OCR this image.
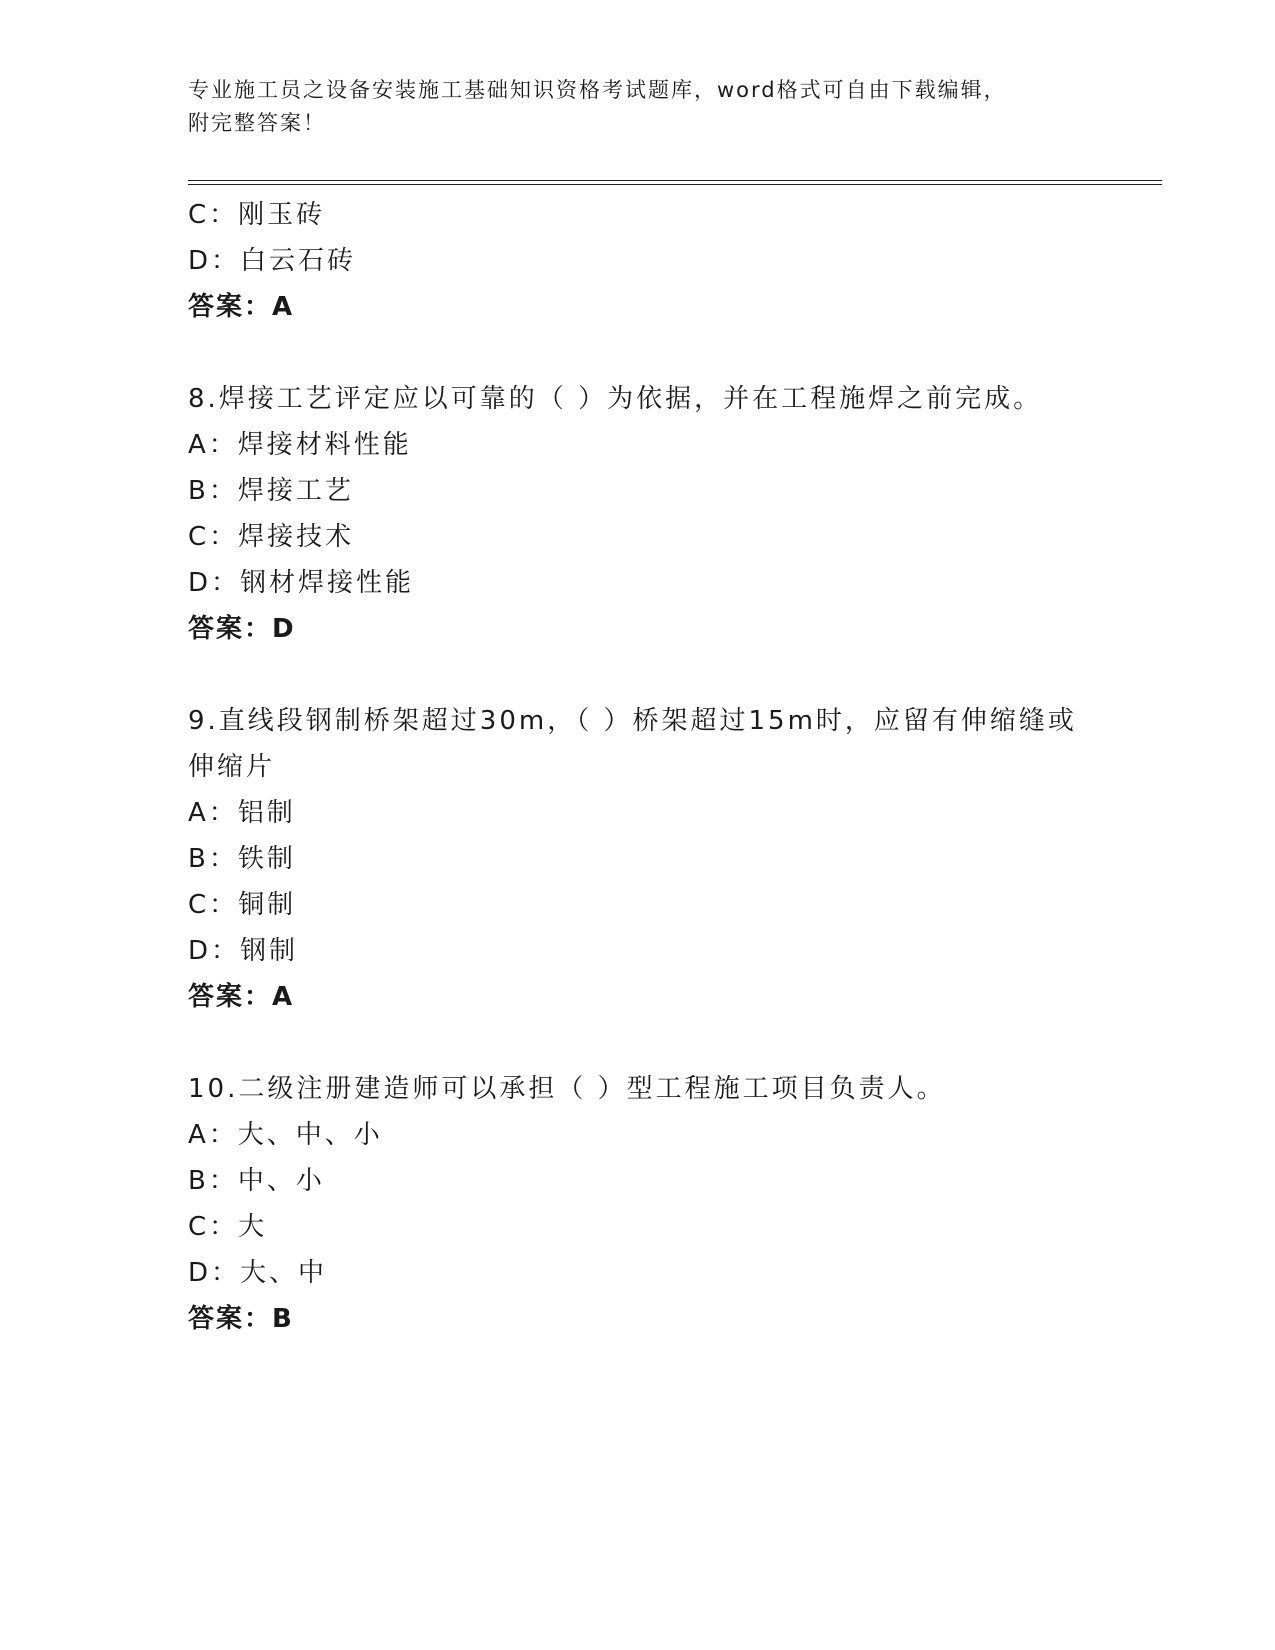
专业施工员之设备安装施工基础知识资格考试题库，word格式可自由下载编辑，
附完整答案！
C：刚玉砖
D：白云石砖
答案：A
8.焊接工艺评定应以可靠的（ ）为依据，并在工程施焊之前完成。
A：焊接材料性能
B：焊接工艺
C：焊接技术
D：钢材焊接性能
答案：D
9.直线段钢制桥架超过30m，（ ）桥架超过15m时，应留有伸缩缝或
伸缩片
A：铝制
B：铁制
C：铜制
D：钢制
答案：A
10.二级注册建造师可以承担（ ）型工程施工项目负责人。
A：大、中、小
B：中、小
C：大
D：大、中
答案：B
